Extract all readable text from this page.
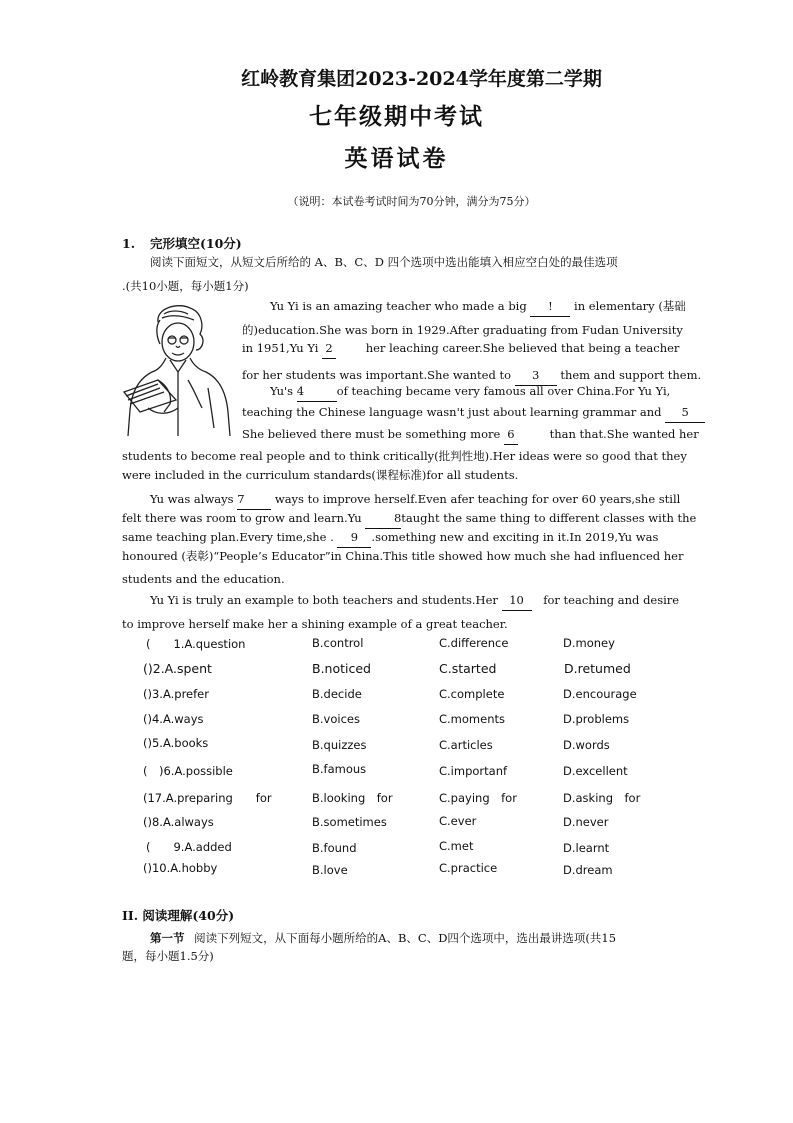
红岭教育集团2023-2024学年度第二学期
七年级期中考试
英语试卷
（说明：本试卷考试时间为70分钟，满分为75分）
1. 完形填空(10分)
阅读下面短文，从短文后所给的 A、B、C、D 四个选项中选出能填入相应空白处的最佳选项
.(共10小题，每小题1分)
Yu Yi is an amazing teacher who made a big ! in elementary (基础
的)education.She was born in 1929.After graduating from Fudan University
in 1951,Yu Yi 2	her leaching career.She believed that being a teacher
for her students was important.She wanted to 3 them and support them.
Yu's 4	of teaching became very famous all over China.For Yu Yi,
teaching the Chinese language wasn't just about learning grammar and 5
She believed there must be something more 6	than that.She wanted her
students to become real people and to think critically(批判性地).Her ideas were so good that they
were included in the curriculum standards(课程标准)for all students.
Yu was always 7	ways to improve herself.Even afer teaching for over 60 years,she still
felt there was room to grow and learn.Yu	8taught the same thing to different classes with the
same teaching plan.Every time,she . 9 .something new and exciting in it.In 2019,Yu was
honoured (表彰)“People’s Educator”in China.This title showed how much she had influenced her
students and the education.
Yu Yi is truly an example to both teachers and students.Her 10 for teaching and desire
to improve herself make her a shining example of a great teacher.
(　　1.A.question	B.control	C.difference	D.money
()2.A.spent	B.noticed	C.started	D.retumed
()3.A.prefer	B.decide	C.complete	D.encourage
()4.A.ways	B.voices	C.moments	D.problems
()5.A.books	B.quizzes	C.articles	D.words
(　)6.A.possible	B.famous	C.importanf	D.excellent
(17.A.preparing　　for	B.looking　for	C.paying　for	D.asking　for
()8.A.always	B.sometimes	C.ever	D.never
(　　9.A.added	B.found	C.met	D.learnt
()10.A.hobby	B.love	C.practice	D.dream
II. 阅读理解(40分)
第一节 阅读下列短文，从下面每小题所给的A、B、C、D四个选项中，选出最讲选项(共15
题，每小题1.5分)
